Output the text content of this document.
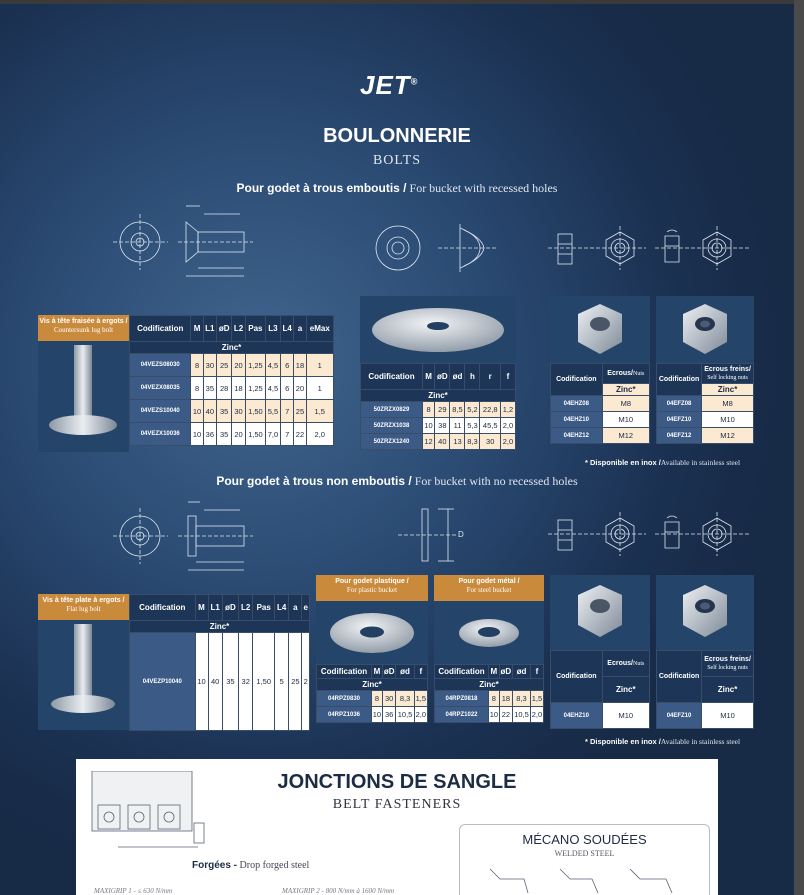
JET®
BOULONNERIE
BOLTS
Pour godet à trous emboutis / For bucket with recessed holes
Vis à tête fraisée à ergots /
Countersunk lug bolt	Codification	M	L1	øD	L2	Pas	L3	L4	a	eMax
Zinc*									
04VEZS08030	8	30	25	20	1,25	4,5	6	18	1
04VEZX08035	8	35	28	18	1,25	4,5	6	20	1
04VEZS10040	10	40	35	30	1,50	5,5	7	25	1,5
04VEZX10036	10	36	35	20	1,50	7,0	7	22	2,0
Codification	M	øD	ød	h	r	f
Zinc*						
50ZRZX0829	8	29	8,5	5,2	22,8	1,2
50ZRZX1038	10	38	11	5,3	45,5	2,0
50ZRZX1240	12	40	13	8,3	30	2,0
Codification	Ecrous/Nuts
	Zinc*
04EHZ08	M8
04EHZ10	M10
04EHZ12	M12
Codification	Ecrous freins/
Self locking nuts

	Zinc*
04EFZ08	M8
04EFZ10	M10
04EFZ12	M12
* Disponible en inox /Available in stainless steel
Pour godet à trous non emboutis / For bucket with no recessed holes
D
Vis à tête plate à ergots /
Flat lug bolt	Codification	M	L1	øD	L2	Pas	L4	a	e
Zinc*								
04VEZP10040	10	40	35	32	1,50	5	25	2
Pour godet plastique /
For plastic bucket
Codification	M	øD	ød	f
Zinc*				
04RPZ0830	8	30	8,3	1,5
04RPZ1036	10	36	10,5	2,0
Pour godet métal /
For steel bucket
Codification	M	øD	ød	f
Zinc*				
04RPZ0818	8	18	8,3	1,5
04RPZ1022	10	22	10,5	2,0
Codification	Ecrous/Nuts
	Zinc*
04EHZ10	M10
Codification	Ecrous freins/
Self locking nuts

	Zinc*
04EFZ10	M10
* Disponible en inox /Available in stainless steel
JONCTIONS DE SANGLE
BELT FASTENERS
Forgées - Drop forged steel
MAXIGRIP 1 - ≤ 630 N/mm	MAXIGRIP 2 - 800 N/mm à 1600 N/mm
MÉCANO SOUDÉES
WELDED STEEL
